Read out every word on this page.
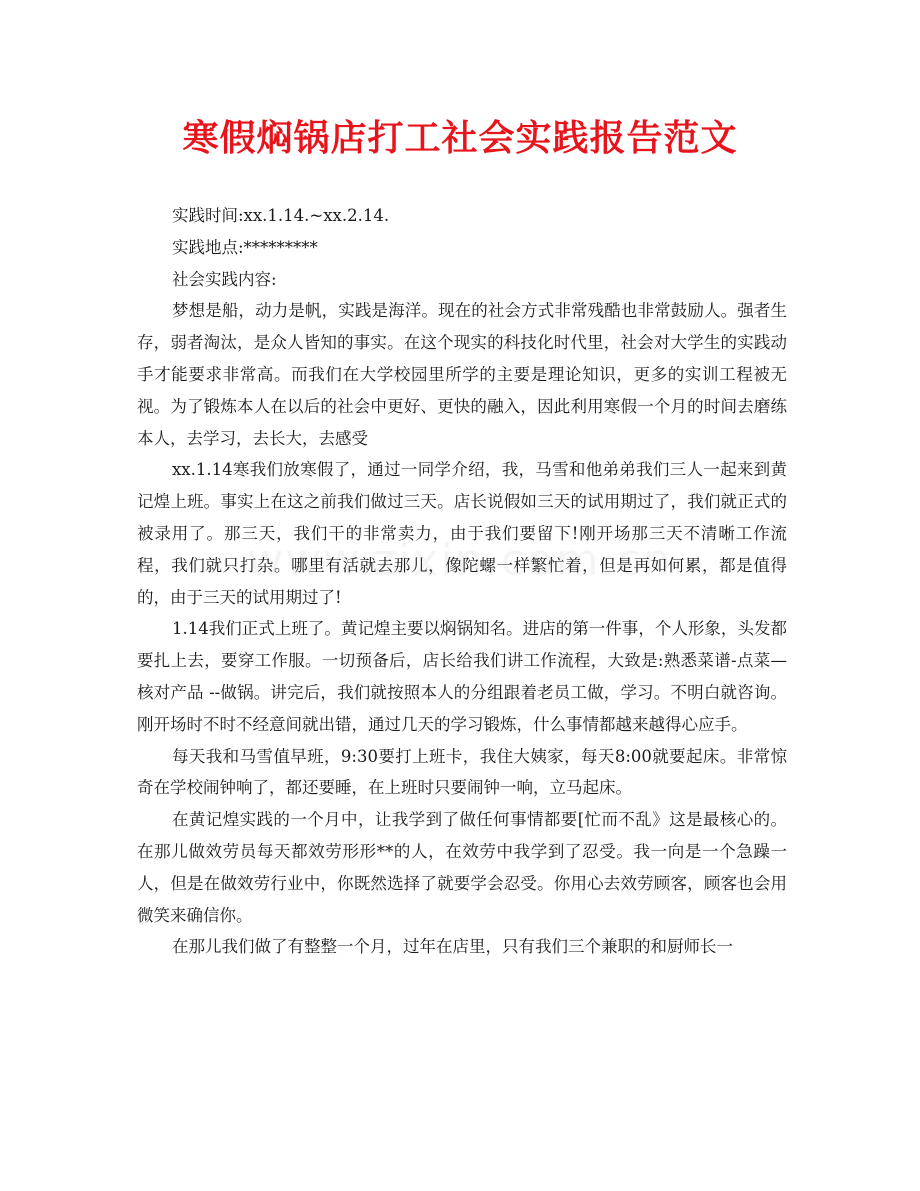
寒假焖锅店打工社会实践报告范文

实践时间:xx.1.14.~xx.2.14.

实践地点:*********

社会实践内容:

梦想是船，动力是帆，实践是海洋。现在的社会方式非常残酷也非常鼓励人。强者生存，弱者淘汰，是众人皆知的事实。在这个现实的科技化时代里，社会对大学生的实践动手才能要求非常高。而我们在大学校园里所学的主要是理论知识，更多的实训工程被无视。为了锻炼本人在以后的社会中更好、更快的融入，因此利用寒假一个月的时间去磨练本人，去学习，去长大，去感受

xx.1.14寒我们放寒假了，通过一同学介绍，我，马雪和他弟弟我们三人一起来到黄记煌上班。事实上在这之前我们做过三天。店长说假如三天的试用期过了，我们就正式的被录用了。那三天，我们干的非常卖力，由于我们要留下!刚开场那三天不清晰工作流程，我们就只打杂。哪里有活就去那儿，像陀螺一样繁忙着，但是再如何累，都是值得的，由于三天的试用期过了!

1.14我们正式上班了。黄记煌主要以焖锅知名。进店的第一件事，个人形象，头发都要扎上去，要穿工作服。一切预备后，店长给我们讲工作流程，大致是:熟悉菜谱-点菜—核对产品 --做锅。讲完后，我们就按照本人的分组跟着老员工做，学习。不明白就咨询。刚开场时不时不经意间就出错，通过几天的学习锻炼，什么事情都越来越得心应手。

每天我和马雪值早班，9:30要打上班卡，我住大姨家，每天8:00就要起床。非常惊奇在学校闹钟响了，都还要睡，在上班时只要闹钟一响，立马起床。

在黄记煌实践的一个月中，让我学到了做任何事情都要[忙而不乱》这是最核心的。在那儿做效劳员每天都效劳形形**的人，在效劳中我学到了忍受。我一向是一个急躁一人，但是在做效劳行业中，你既然选择了就要学会忍受。你用心去效劳顾客，顾客也会用微笑来确信你。

在那儿我们做了有整整一个月，过年在店里，只有我们三个兼职的和厨师长一
